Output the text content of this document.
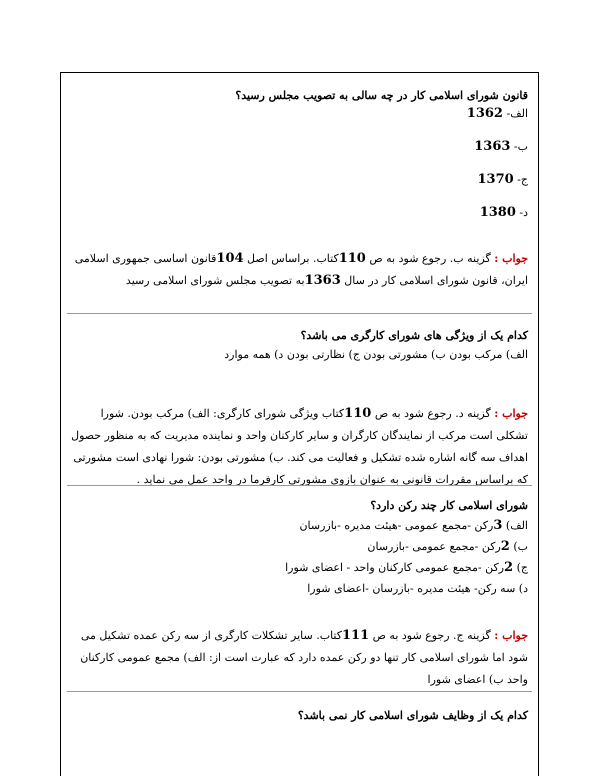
قانون شورای اسلامی کار در چه سالی به تصویب مجلس رسید؟
الف- 1362
ب- 1363
ج- 1370
د- 1380
جواب : گزینه ب. رجوع شود به ص 110کتاب. براساس اصل 104قانون اساسی جمهوری اسلامی ایران، قانون شورای اسلامی کار در سال 1363به تصویب مجلس شورای اسلامی رسید
کدام یک از ویژگی های شورای کارگری می باشد؟
الف) مرکب بودن ب) مشورتی بودن ج) نظارتی بودن د) همه موارد
جواب : گزینه د. رجوع شود به ص 110کتاب ویژگی شورای کارگری: الف) مرکب بودن. شورا تشکلی است مرکب از نمایندگان کارگران و سایر کارکنان واحد و نماینده مدیریت که به منظور حصول اهداف سه گانه اشاره شده تشکیل و فعالیت می کند. ب) مشورتی بودن: شورا نهادی است مشورتی که براساس مقررات قانونی به عنوان بازوی مشورتی کارفرما در واحد عمل می نماید .
شورای اسلامی کار چند رکن دارد؟
الف) 3رکن -مجمع عمومی -هیئت مدیره -بازرسان
ب) 2رکن -مجمع عمومی -بازرسان
ج) 2رکن -مجمع عمومی کارکنان واحد - اعضای شورا
د) سه رکن- هیئت مدیره -بازرسان -اعضای شورا
جواب : گزینه ج. رجوع شود به ص 111کتاب. سایر تشکلات کارگری از سه رکن عمده تشکیل می شود اما شورای اسلامی کار تنها دو رکن عمده دارد که عبارت است از: الف) مجمع عمومی کارکنان واحد ب) اعضای شورا
کدام یک از وظایف شورای اسلامی کار نمی باشد؟
